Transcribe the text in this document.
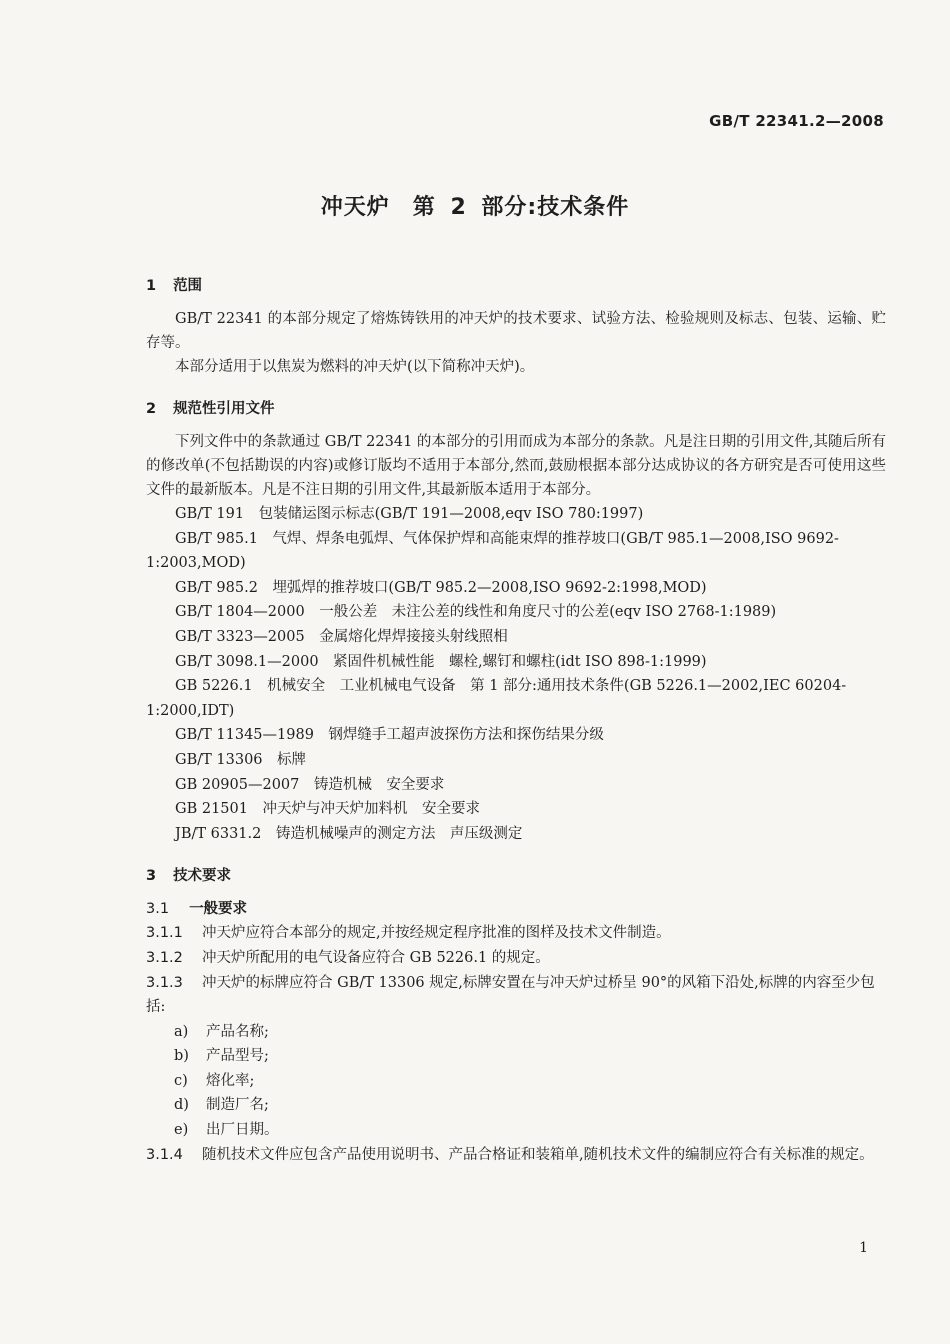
GB/T 22341.2—2008
冲天炉　第 2 部分:技术条件
1 范围

GB/T 22341 的本部分规定了熔炼铸铁用的冲天炉的技术要求、试验方法、检验规则及标志、包装、运输、贮存等。

本部分适用于以焦炭为燃料的冲天炉(以下简称冲天炉)。

2 规范性引用文件

下列文件中的条款通过 GB/T 22341 的本部分的引用而成为本部分的条款。凡是注日期的引用文件,其随后所有的修改单(不包括勘误的内容)或修订版均不适用于本部分,然而,鼓励根据本部分达成协议的各方研究是否可使用这些文件的最新版本。凡是不注日期的引用文件,其最新版本适用于本部分。

GB/T 191　包装储运图示标志(GB/T 191—2008,eqv ISO 780:1997)

GB/T 985.1　气焊、焊条电弧焊、气体保护焊和高能束焊的推荐坡口(GB/T 985.1—2008,ISO 9692-1:2003,MOD)

GB/T 985.2　埋弧焊的推荐坡口(GB/T 985.2—2008,ISO 9692-2:1998,MOD)

GB/T 1804—2000　一般公差　未注公差的线性和角度尺寸的公差(eqv ISO 2768-1:1989)

GB/T 3323—2005　金属熔化焊焊接接头射线照相

GB/T 3098.1—2000　紧固件机械性能　螺栓,螺钉和螺柱(idt ISO 898-1:1999)

GB 5226.1　机械安全　工业机械电气设备　第 1 部分:通用技术条件(GB 5226.1—2002,IEC 60204-1:2000,IDT)

GB/T 11345—1989　钢焊缝手工超声波探伤方法和探伤结果分级

GB/T 13306　标牌

GB 20905—2007　铸造机械　安全要求

GB 21501　冲天炉与冲天炉加料机　安全要求

JB/T 6331.2　铸造机械噪声的测定方法　声压级测定

3 技术要求
3.1 一般要求

3.1.1 冲天炉应符合本部分的规定,并按经规定程序批准的图样及技术文件制造。

3.1.2 冲天炉所配用的电气设备应符合 GB 5226.1 的规定。

3.1.3 冲天炉的标牌应符合 GB/T 13306 规定,标牌安置在与冲天炉过桥呈 90°的风箱下沿处,标牌的内容至少包括:

a) 产品名称;
b) 产品型号;
c) 熔化率;
d) 制造厂名;
e) 出厂日期。

3.1.4 随机技术文件应包含产品使用说明书、产品合格证和装箱单,随机技术文件的编制应符合有关标准的规定。

1
